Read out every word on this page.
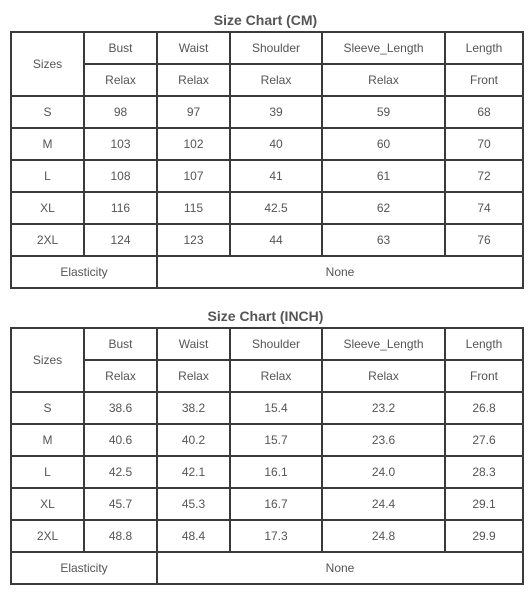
Size Chart (CM)
Sizes	Bust	Waist	Shoulder	Sleeve_Length	Length
	Relax	Relax	Relax	Relax	Front
S	98	97	39	59	68
M	103	102	40	60	70
L	108	107	41	61	72
XL	116	115	42.5	62	74
2XL	124	123	44	63	76
Elasticity		None			
Size Chart (INCH)
Sizes	Bust	Waist	Shoulder	Sleeve_Length	Length
	Relax	Relax	Relax	Relax	Front
S	38.6	38.2	15.4	23.2	26.8
M	40.6	40.2	15.7	23.6	27.6
L	42.5	42.1	16.1	24.0	28.3
XL	45.7	45.3	16.7	24.4	29.1
2XL	48.8	48.4	17.3	24.8	29.9
Elasticity		None			
